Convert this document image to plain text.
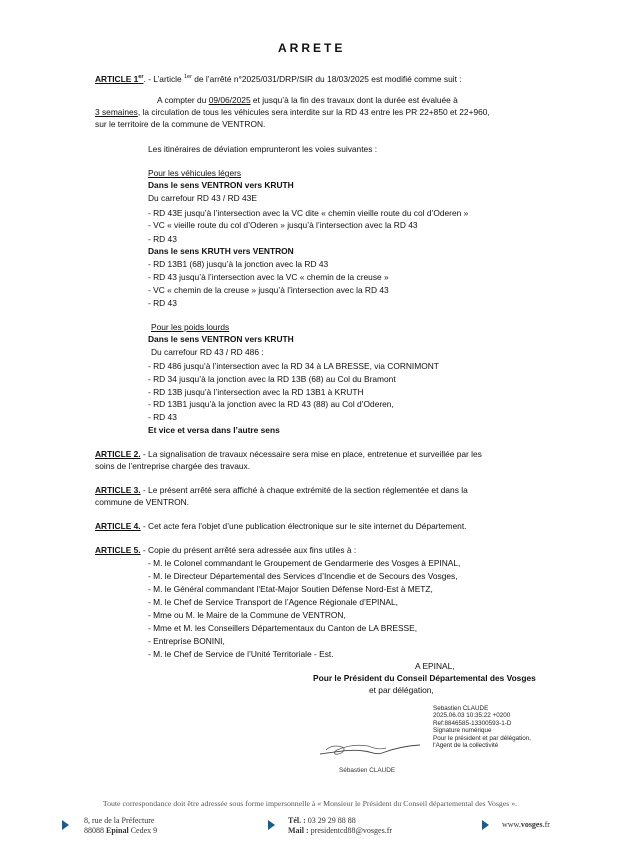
ARRETE
ARTICLE 1er. - L’article $^{1er}$ de l’arrêté n°2025/031/DRP/SIR du 18/03/2025 est modifié comme suit :
A compter du 09/06/2025 et jusqu’à la fin des travaux dont la durée est évaluée à
3 semaines, la circulation de tous les véhicules sera interdite sur la RD 43 entre les PR 22+850 et 22+960,
sur le territoire de la commune de VENTRON.
Les itinéraires de déviation emprunteront les voies suivantes :
Pour les véhicules légers
Dans le sens VENTRON vers KRUTH
Du carrefour RD 43 / RD 43E
- RD 43E jusqu’à l’intersection avec la VC dite « chemin vieille route du col d’Oderen »
- VC « vieille route du col d’Oderen » jusqu’à l’intersection avec la RD 43
- RD 43
Dans le sens KRUTH vers VENTRON
- RD 13B1 (68) jusqu’à la jonction avec la RD 43
- RD 43 jusqu’à l’intersection avec la VC « chemin de la creuse »
- VC « chemin de la creuse » jusqu’à l’intersection avec la RD 43
- RD 43
Pour les poids lourds
Dans le sens VENTRON vers KRUTH
Du carrefour RD 43 / RD 486 :
- RD 486 jusqu’à l’intersection avec la RD 34 à LA BRESSE, via CORNIMONT
- RD 34 jusqu’à la jonction avec la RD 13B (68) au Col du Bramont
- RD 13B jusqu’à l’intersection avec la RD 13B1 à KRUTH
- RD 13B1 jusqu’à la jonction avec la RD 43 (88) au Col d’Oderen,
- RD 43
Et vice et versa dans l’autre sens
ARTICLE 2. - La signalisation de travaux nécessaire sera mise en place, entretenue et surveillée par les
soins de l’entreprise chargée des travaux.
ARTICLE 3. - Le présent arrêté sera affiché à chaque extrémité de la section réglementée et dans la
commune de VENTRON.
ARTICLE 4. - Cet acte fera l’objet d’une publication électronique sur le site internet du Département.
ARTICLE 5. - Copie du présent arrêté sera adressée aux fins utiles à :
- M. le Colonel commandant le Groupement de Gendarmerie des Vosges à EPINAL,
- M. le Directeur Départemental des Services d’Incendie et de Secours des Vosges,
- M. le Général commandant l’Etat-Major Soutien Défense Nord-Est à METZ,
- M. le Chef de Service Transport de l’Agence Régionale d’EPINAL,
- Mme ou M. le Maire de la Commune de VENTRON,
- Mme et M. les Conseillers Départementaux du Canton de LA BRESSE,
- Entreprise BONINI,
- M. le Chef de Service de l’Unité Territoriale - Est.
A EPINAL,
Pour le Président du Conseil Départemental des Vosges
et par délégation,
Sebastien CLAUDE
2025.06.03 10:35:22 +0200
Ref:8846585-13300593-1-D
Signature numérique
Pour le président et par délégation,
l'Agent de la collectivité
Sébastien CLAUDE
Toute correspondance doit être adressée sous forme impersonnelle à « Monsieur le Président du Conseil départemental des Vosges ».
8, rue de la Préfecture
88088 Epinal Cedex 9
Tél. : 03 29 29 88 88
Mail : presidentcd88@vosges.fr
www.vosges.fr
